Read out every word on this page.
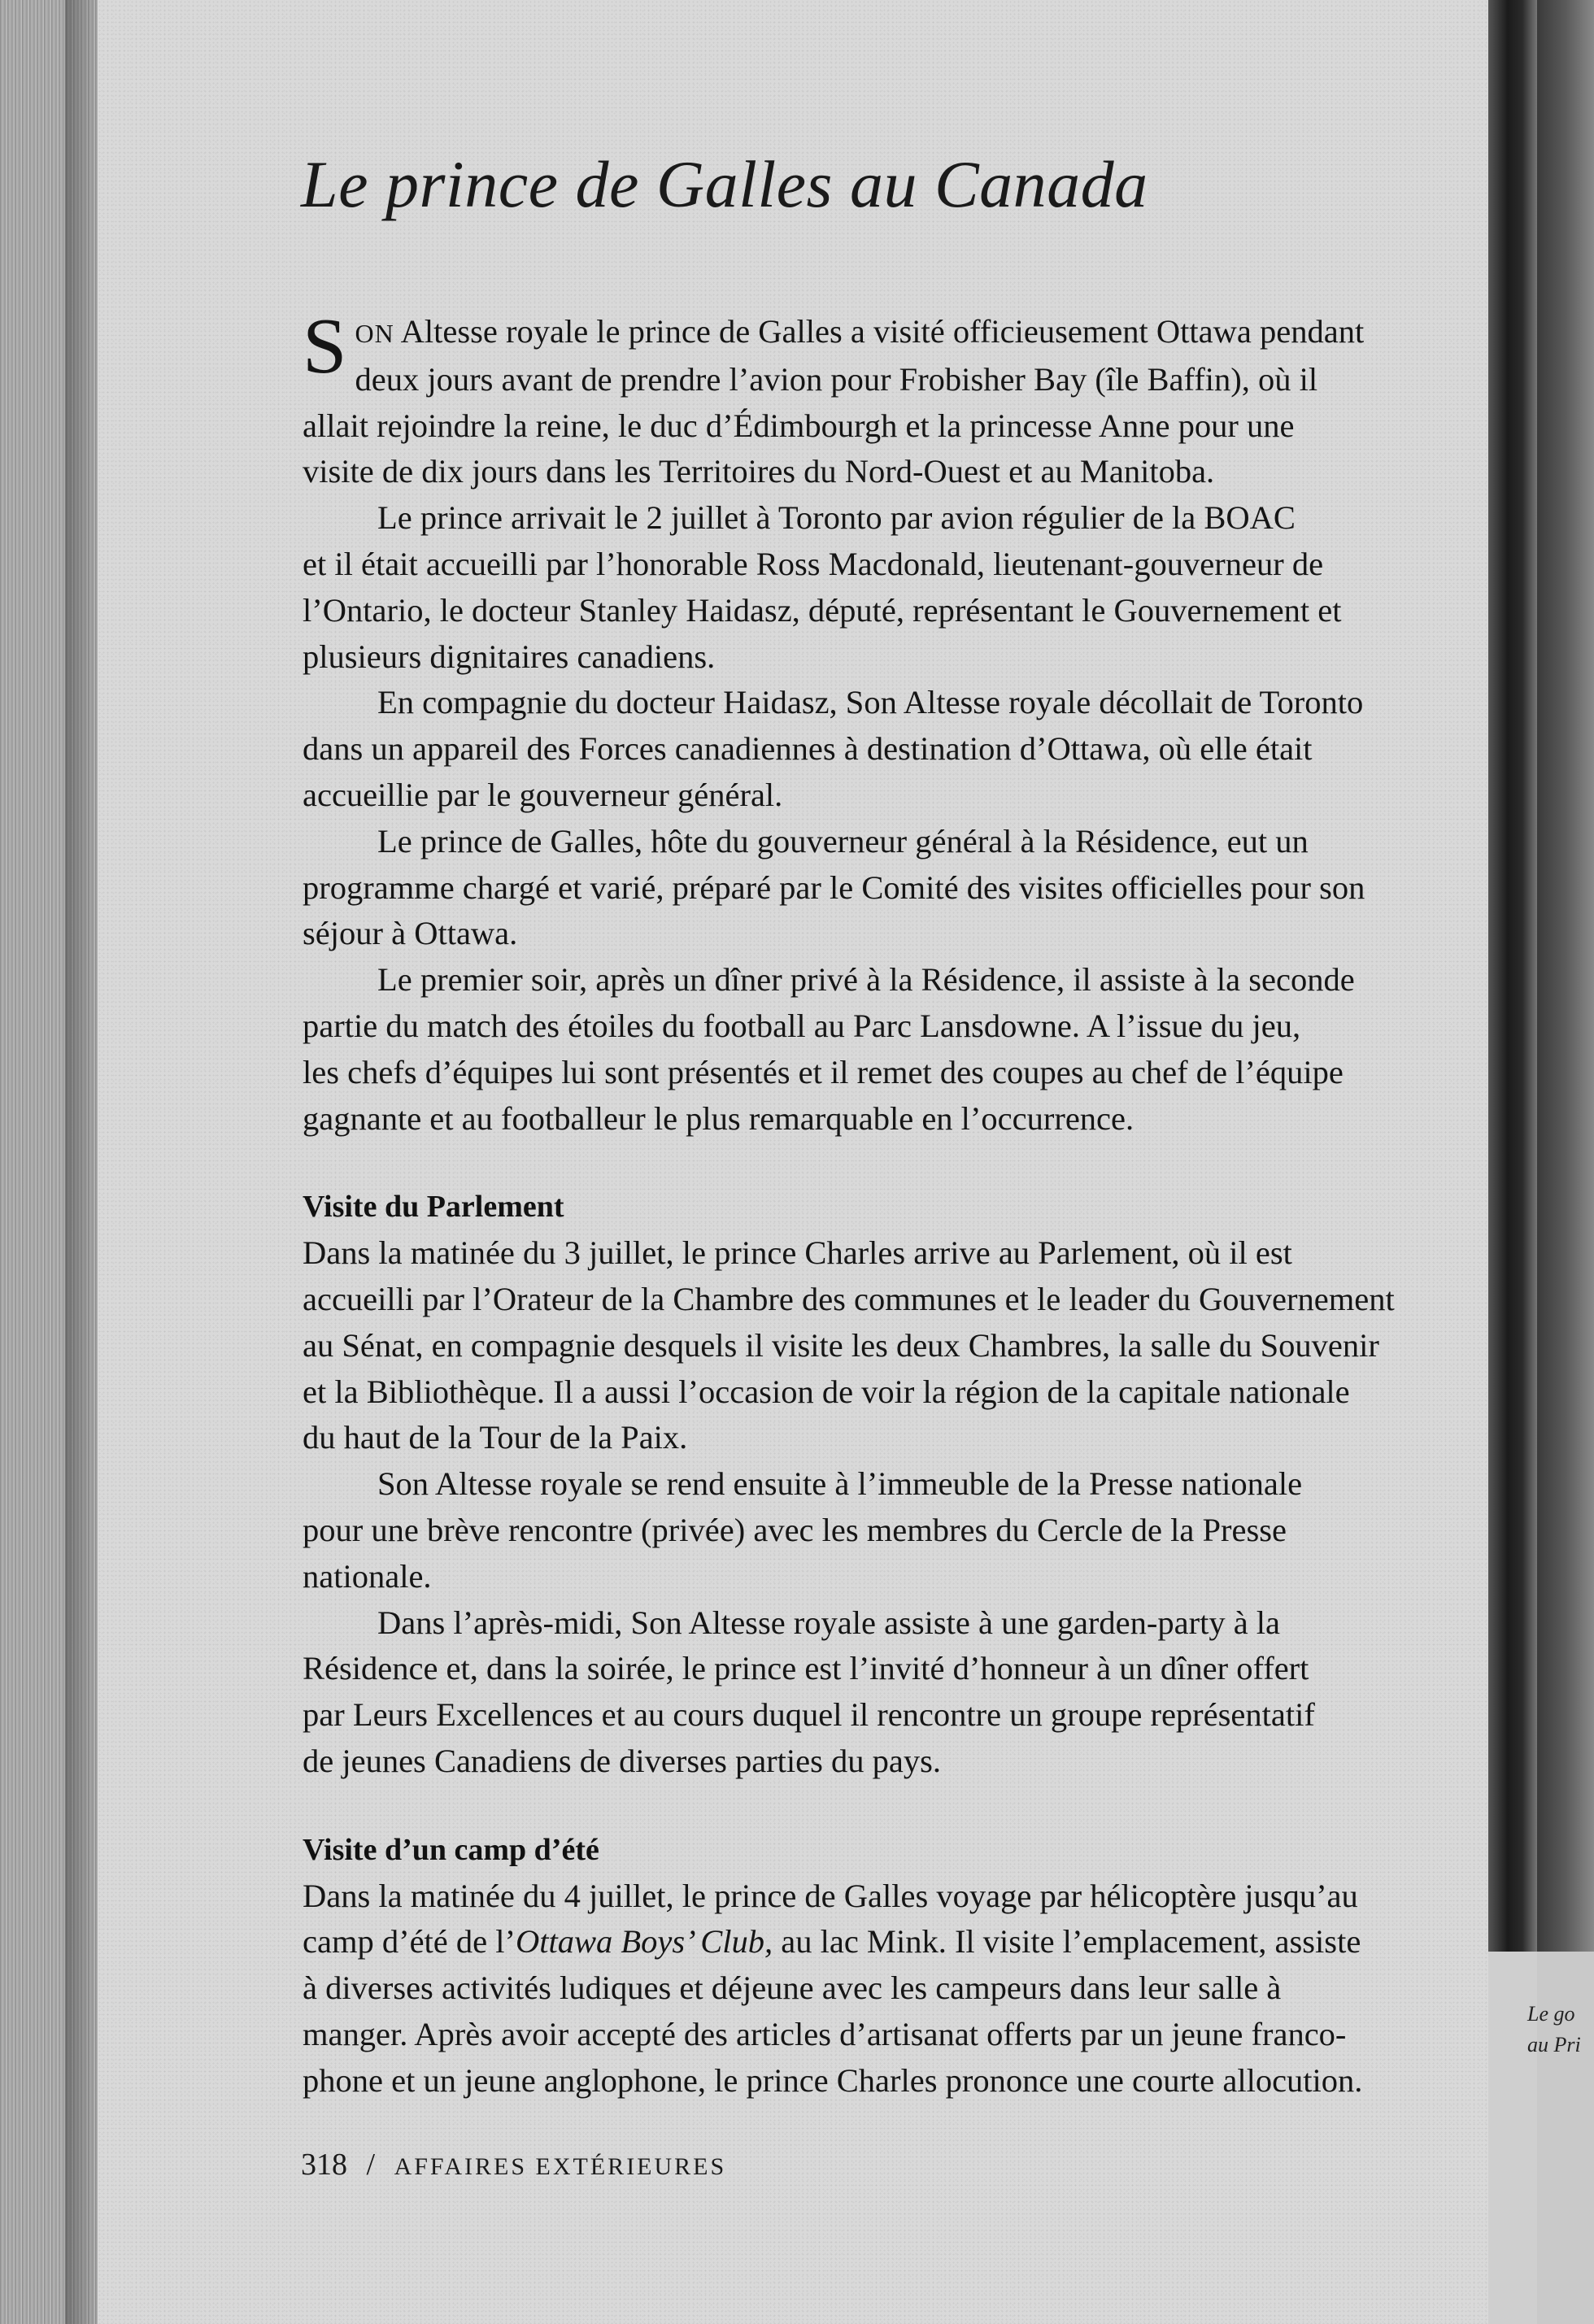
Le go
au Pri
Le prince de Galles au Canada

S ON Altesse royale le prince de Galles a visité officieusement Ottawa pendant
deux jours avant de prendre l’avion pour Frobisher Bay (île Baffin), où il
allait rejoindre la reine, le duc d’Édimbourgh et la princesse Anne pour une
visite de dix jours dans les Territoires du Nord-Ouest et au Manitoba.

Le prince arrivait le 2 juillet à Toronto par avion régulier de la BOAC
et il était accueilli par l’honorable Ross Macdonald, lieutenant-gouverneur de
l’Ontario, le docteur Stanley Haidasz, député, représentant le Gouvernement et
plusieurs dignitaires canadiens.

En compagnie du docteur Haidasz, Son Altesse royale décollait de Toronto
dans un appareil des Forces canadiennes à destination d’Ottawa, où elle était
accueillie par le gouverneur général.

Le prince de Galles, hôte du gouverneur général à la Résidence, eut un
programme chargé et varié, préparé par le Comité des visites officielles pour son
séjour à Ottawa.

Le premier soir, après un dîner privé à la Résidence, il assiste à la seconde
partie du match des étoiles du football au Parc Lansdowne. A l’issue du jeu,
les chefs d’équipes lui sont présentés et il remet des coupes au chef de l’équipe
gagnante et au footballeur le plus remarquable en l’occurrence.

Visite du Parlement

Dans la matinée du 3 juillet, le prince Charles arrive au Parlement, où il est
accueilli par l’Orateur de la Chambre des communes et le leader du Gouvernement
au Sénat, en compagnie desquels il visite les deux Chambres, la salle du Souvenir
et la Bibliothèque. Il a aussi l’occasion de voir la région de la capitale nationale
du haut de la Tour de la Paix.

Son Altesse royale se rend ensuite à l’immeuble de la Presse nationale
pour une brève rencontre (privée) avec les membres du Cercle de la Presse
nationale.

Dans l’après-midi, Son Altesse royale assiste à une garden-party à la
Résidence et, dans la soirée, le prince est l’invité d’honneur à un dîner offert
par Leurs Excellences et au cours duquel il rencontre un groupe représentatif
de jeunes Canadiens de diverses parties du pays.

Visite d’un camp d’été

Dans la matinée du 4 juillet, le prince de Galles voyage par hélicoptère jusqu’au
camp d’été de l’Ottawa Boys’ Club, au lac Mink. Il visite l’emplacement, assiste
à diverses activités ludiques et déjeune avec les campeurs dans leur salle à
manger. Après avoir accepté des articles d’artisanat offerts par un jeune franco-
phone et un jeune anglophone, le prince Charles prononce une courte allocution.

318 / AFFAIRES EXTÉRIEURES
